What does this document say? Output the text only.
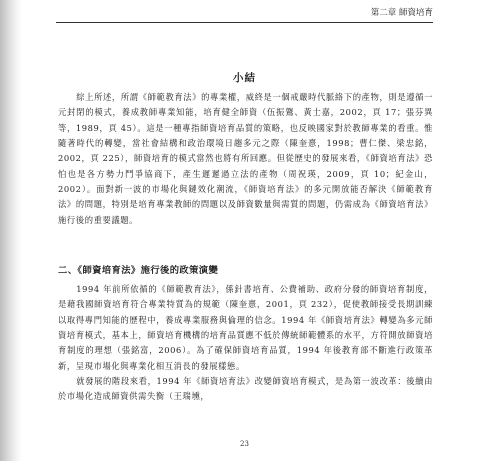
第二章 師資培育
小結

綜上所述，所謂《師範教育法》的專業權，威終是一個戒嚴時代脈絡下的產物，則是遵循一元封閉的模式，養成教師專業知能，培育健全師資（伍振鷟、黃士嘉，2002，頁 17；張芬異等，1989，頁 45）。這是一種專指師資培育品質的策略，也反映國家對於教師專業的看重。惟隨著時代的轉變，當社會結構和政治環境日趨多元之際（陳奎憙，1998；曹仁傑、梁忠銘，2002，頁 225），師資培育的模式當然也將有所回應。但從歷史的發展來看，《師資培育法》恐怕也是各方勢力鬥爭協商下，產生遲遲過立法的產物（周祝瑛，2009，頁 10；紀金山，2002）。面對新一波的市場化與鏈效化潮流，《師資培育法》的多元開放能否解決《師範教育法》的問題，特別是培育專業教師的問題以及師資數量與需質的問題，仍需成為《師資培育法》施行後的重要議題。

二、《師資培育法》施行後的政策演變

1994 年前所依循的《師範教育法》，係針書培育、公費補助、政府分發的師資培育制度，是藉我國師資培育符合專業特質為的規範（陳奎憙，2001，頁 232），促使教師接受長期訓練以取得專門知能的歷程中，養成專業服務與倫理的信念。1994 年《師資培育法》轉變為多元師資培育模式，基本上，師資培育機構的培育品質應不低於傳統師範體系的水平，方符開放師資培育制度的理想（張銘富，2006）。為了確保師資培育品質，1994 年後教育部不斷進行政策革新，呈現市場化與專業化相互消長的發展樣態。

就發展的階段來看，1994 年《師資培育法》改變師資培育模式，是為第一波改革：後續由於市場化造成師資供需失衡（王瑞壎，

23
